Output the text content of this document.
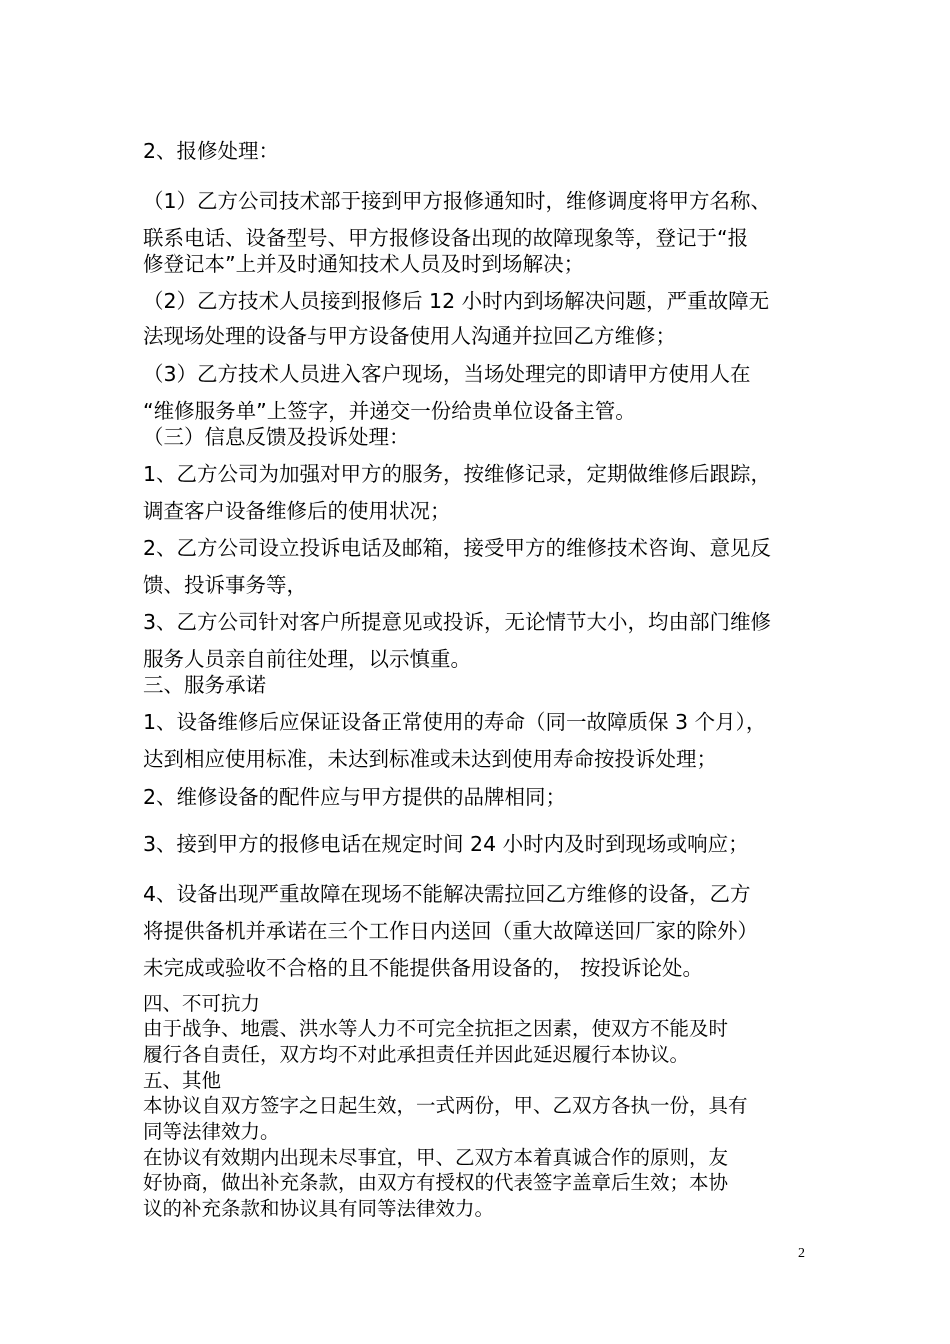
2、报修处理：

（1）乙方公司技术部于接到甲方报修通知时，维修调度将甲方名称、

联系电话、设备型号、甲方报修设备出现的故障现象等，登记于“报

修登记本”上并及时通知技术人员及时到场解决；

（2）乙方技术人员接到报修后 12 小时内到场解决问题，严重故障无

法现场处理的设备与甲方设备使用人沟通并拉回乙方维修；

（3）乙方技术人员进入客户现场，当场处理完的即请甲方使用人在

“维修服务单”上签字，并递交一份给贵单位设备主管。

（三）信息反馈及投诉处理：

1、乙方公司为加强对甲方的服务，按维修记录，定期做维修后跟踪，

调查客户设备维修后的使用状况；

2、乙方公司设立投诉电话及邮箱，接受甲方的维修技术咨询、意见反

馈、投诉事务等，

3、乙方公司针对客户所提意见或投诉，无论情节大小，均由部门维修

服务人员亲自前往处理，以示慎重。

三、服务承诺

1、设备维修后应保证设备正常使用的寿命（同一故障质保 3 个月），

达到相应使用标准，未达到标准或未达到使用寿命按投诉处理；

2、维修设备的配件应与甲方提供的品牌相同；

3、接到甲方的报修电话在规定时间 24 小时内及时到现场或响应；

4、设备出现严重故障在现场不能解决需拉回乙方维修的设备，乙方

将提供备机并承诺在三个工作日内送回（重大故障送回厂家的除外）

未完成或验收不合格的且不能提供备用设备的， 按投诉论处。

四、不可抗力

由于战争、地震、洪水等人力不可完全抗拒之因素，使双方不能及时

履行各自责任，双方均不对此承担责任并因此延迟履行本协议。

五、其他

本协议自双方签字之日起生效，一式两份，甲、乙双方各执一份，具有

同等法律效力。

在协议有效期内出现未尽事宜，甲、乙双方本着真诚合作的原则，友

好协商，做出补充条款，由双方有授权的代表签字盖章后生效；本协

议的补充条款和协议具有同等法律效力。

2
